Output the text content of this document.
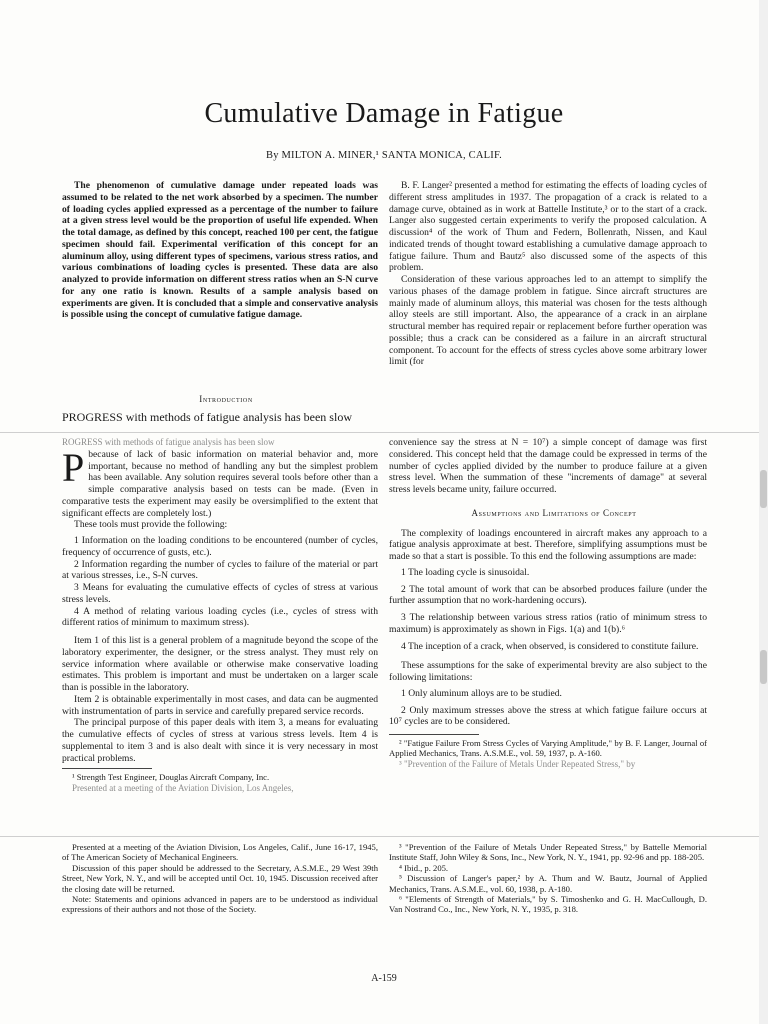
Cumulative Damage in Fatigue
By MILTON A. MINER,¹ SANTA MONICA, CALIF.

The phenomenon of cumulative damage under repeated loads was assumed to be related to the net work absorbed by a specimen. The number of loading cycles applied expressed as a percentage of the number to failure at a given stress level would be the proportion of useful life expended. When the total damage, as defined by this concept, reached 100 per cent, the fatigue specimen should fail. Experimental verification of this concept for an aluminum alloy, using different types of specimens, various stress ratios, and various combinations of loading cycles is presented. These data are also analyzed to provide information on different stress ratios when an S-N curve for any one ratio is known. Results of a sample analysis based on experiments are given. It is concluded that a simple and conservative analysis is possible using the concept of cumulative fatigue damage.

Introduction

PROGRESS with methods of fatigue analysis has been slow

ROGRESS with methods of fatigue analysis has been slow

Pbecause of lack of basic information on material behavior and, more important, because no method of handling any but the simplest problem has been available. Any solution requires several tools before other than a simple comparative analysis based on tests can be made. (Even in comparative tests the experiment may easily be oversimplified to the extent that significant effects are completely lost.)

These tools must provide the following:

1 Information on the loading conditions to be encountered (number of cycles, frequency of occurrence of gusts, etc.).

2 Information regarding the number of cycles to failure of the material or part at various stresses, i.e., S-N curves.

3 Means for evaluating the cumulative effects of cycles of stress at various stress levels.

4 A method of relating various loading cycles (i.e., cycles of stress with different ratios of minimum to maximum stress).

Item 1 of this list is a general problem of a magnitude beyond the scope of the laboratory experimenter, the designer, or the stress analyst. They must rely on service information where available or otherwise make conservative loading estimates. This problem is important and must be undertaken on a larger scale than is possible in the laboratory.

Item 2 is obtainable experimentally in most cases, and data can be augmented with instrumentation of parts in service and carefully prepared service records.

The principal purpose of this paper deals with item 3, a means for evaluating the cumulative effects of cycles of stress at various stress levels. Item 4 is supplemental to item 3 and is also dealt with since it is very necessary in most practical problems.

¹ Strength Test Engineer, Douglas Aircraft Company, Inc.

Presented at a meeting of the Aviation Division, Los Angeles,

Presented at a meeting of the Aviation Division, Los Angeles, Calif., June 16-17, 1945, of The American Society of Mechanical Engineers.

Discussion of this paper should be addressed to the Secretary, A.S.M.E., 29 West 39th Street, New York, N. Y., and will be accepted until Oct. 10, 1945. Discussion received after the closing date will be returned.

Note: Statements and opinions advanced in papers are to be understood as individual expressions of their authors and not those of the Society.

B. F. Langer² presented a method for estimating the effects of loading cycles of different stress amplitudes in 1937. The propagation of a crack is related to a damage curve, obtained as in work at Battelle Institute,³ or to the start of a crack. Langer also suggested certain experiments to verify the proposed calculation. A discussion⁴ of the work of Thum and Federn, Bollenrath, Nissen, and Kaul indicated trends of thought toward establishing a cumulative damage approach to fatigue failure. Thum and Bautz⁵ also discussed some of the aspects of this problem.

Consideration of these various approaches led to an attempt to simplify the various phases of the damage problem in fatigue. Since aircraft structures are mainly made of aluminum alloys, this material was chosen for the tests although alloy steels are still important. Also, the appearance of a crack in an airplane structural member has required repair or replacement before further operation was possible; thus a crack can be considered as a failure in an aircraft structural component. To account for the effects of stress cycles above some arbitrary lower limit (for

convenience say the stress at N = 10⁷) a simple concept of damage was first considered. This concept held that the damage could be expressed in terms of the number of cycles applied divided by the number to produce failure at a given stress level. When the summation of these "increments of damage" at several stress levels became unity, failure occurred.

Assumptions and Limitations of Concept

The complexity of loadings encountered in aircraft makes any approach to a fatigue analysis approximate at best. Therefore, simplifying assumptions must be made so that a start is possible. To this end the following assumptions are made:

1 The loading cycle is sinusoidal.

2 The total amount of work that can be absorbed produces failure (under the further assumption that no work-hardening occurs).

3 The relationship between various stress ratios (ratio of minimum stress to maximum) is approximately as shown in Figs. 1(a) and 1(b).⁶

4 The inception of a crack, when observed, is considered to constitute failure.

These assumptions for the sake of experimental brevity are also subject to the following limitations:

1 Only aluminum alloys are to be studied.

2 Only maximum stresses above the stress at which fatigue failure occurs at 10⁷ cycles are to be considered.

² "Fatigue Failure From Stress Cycles of Varying Amplitude," by B. F. Langer, Journal of Applied Mechanics, Trans. A.S.M.E., vol. 59, 1937, p. A-160.

³ "Prevention of the Failure of Metals Under Repeated Stress," by

³ "Prevention of the Failure of Metals Under Repeated Stress," by Battelle Memorial Institute Staff, John Wiley & Sons, Inc., New York, N. Y., 1941, pp. 92-96 and pp. 188-205.

⁴ Ibid., p. 205.

⁵ Discussion of Langer's paper,² by A. Thum and W. Bautz, Journal of Applied Mechanics, Trans. A.S.M.E., vol. 60, 1938, p. A-180.

⁶ "Elements of Strength of Materials," by S. Timoshenko and G. H. MacCullough, D. Van Nostrand Co., Inc., New York, N. Y., 1935, p. 318.

A-159
